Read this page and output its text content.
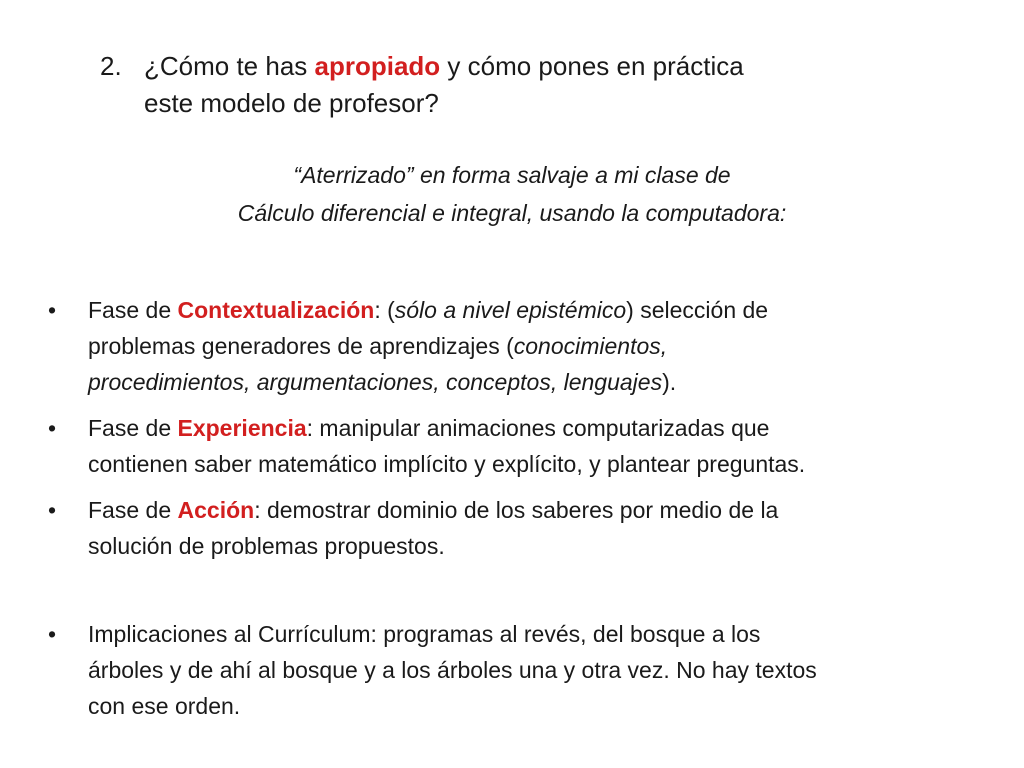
2. ¿Cómo te has apropiado y cómo pones en práctica
este modelo de profesor?
“Aterrizado” en forma salvaje a mi clase de
Cálculo diferencial e integral, usando la computadora:
• Fase de Contextualización: (sólo a nivel epistémico) selección de
problemas generadores de aprendizajes (conocimientos,
procedimientos, argumentaciones, conceptos, lenguajes).
• Fase de Experiencia: manipular animaciones computarizadas que
contienen saber matemático implícito y explícito, y plantear preguntas.
• Fase de Acción: demostrar dominio de los saberes por medio de la
solución de problemas propuestos.
• Implicaciones al Currículum: programas al revés, del bosque a los
árboles y de ahí al bosque y a los árboles una y otra vez. No hay textos
con ese orden.
